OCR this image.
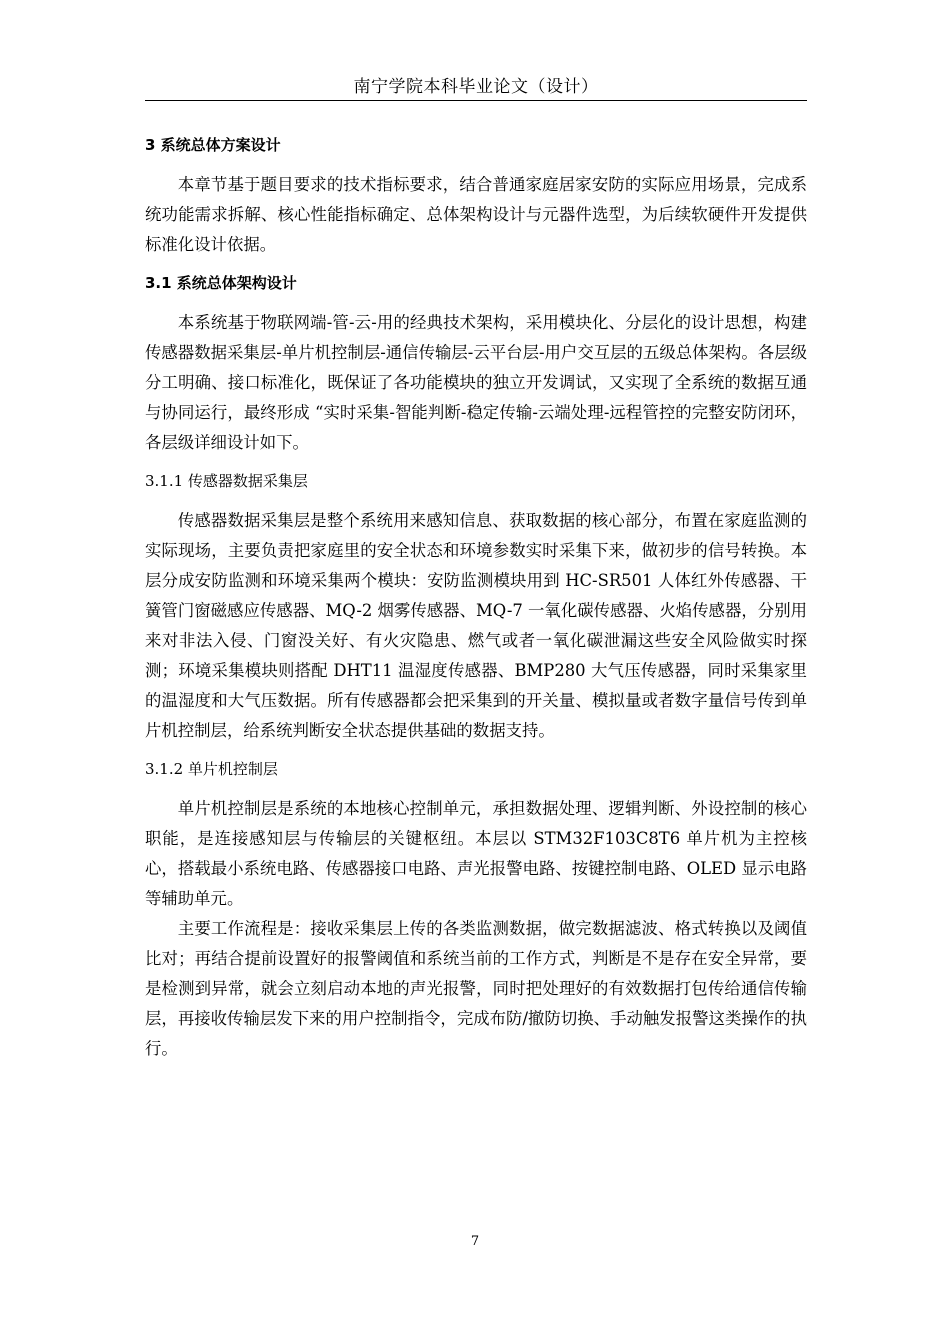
南宁学院本科毕业论文（设计）
3 系统总体方案设计

本章节基于题目要求的技术指标要求，结合普通家庭居家安防的实际应用场景，完成系统功能需求拆解、核心性能指标确定、总体架构设计与元器件选型，为后续软硬件开发提供标准化设计依据。

3.1 系统总体架构设计

本系统基于物联网端-管-云-用的经典技术架构，采用模块化、分层化的设计思想，构建传感器数据采集层-单片机控制层-通信传输层-云平台层-用户交互层的五级总体架构。各层级分工明确、接口标准化，既保证了各功能模块的独立开发调试，又实现了全系统的数据互通与协同运行，最终形成 “实时采集-智能判断-稳定传输-云端处理-远程管控的完整安防闭环，各层级详细设计如下。

3.1.1 传感器数据采集层

传感器数据采集层是整个系统用来感知信息、获取数据的核心部分，布置在家庭监测的实际现场，主要负责把家庭里的安全状态和环境参数实时采集下来，做初步的信号转换。本层分成安防监测和环境采集两个模块：安防监测模块用到 HC-SR501 人体红外传感器、干簧管门窗磁感应传感器、MQ-2 烟雾传感器、MQ-7 一氧化碳传感器、火焰传感器，分别用来对非法入侵、门窗没关好、有火灾隐患、燃气或者一氧化碳泄漏这些安全风险做实时探测；环境采集模块则搭配 DHT11 温湿度传感器、BMP280 大气压传感器，同时采集家里的温湿度和大气压数据。所有传感器都会把采集到的开关量、模拟量或者数字量信号传到单片机控制层，给系统判断安全状态提供基础的数据支持。

3.1.2 单片机控制层

单片机控制层是系统的本地核心控制单元，承担数据处理、逻辑判断、外设控制的核心职能，是连接感知层与传输层的关键枢纽。本层以 STM32F103C8T6 单片机为主控核心，搭载最小系统电路、传感器接口电路、声光报警电路、按键控制电路、OLED 显示电路等辅助单元。

主要工作流程是：接收采集层上传的各类监测数据，做完数据滤波、格式转换以及阈值比对；再结合提前设置好的报警阈值和系统当前的工作方式，判断是不是存在安全异常，要是检测到异常，就会立刻启动本地的声光报警，同时把处理好的有效数据打包传给通信传输层，再接收传输层发下来的用户控制指令，完成布防/撤防切换、手动触发报警这类操作的执行。

7
